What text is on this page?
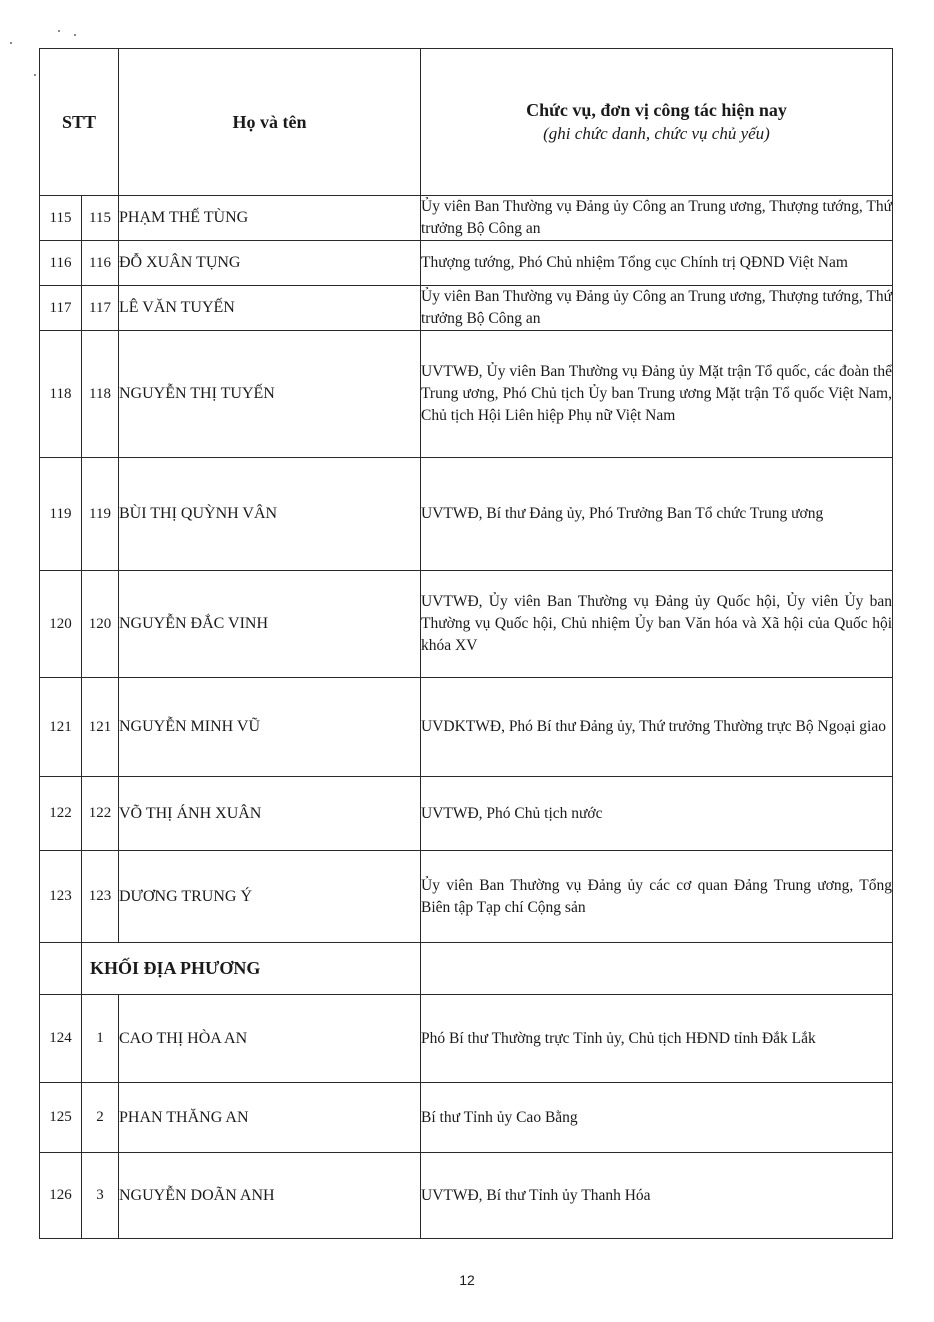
STT		Họ và tên	Chức vụ, đơn vị công tác hiện nay
(ghi chức danh, chức vụ chủ yếu)

115	115	PHẠM THẾ TÙNG	Ủy viên Ban Thường vụ Đảng ủy Công an Trung ương, Thượng tướng, Thứ trưởng Bộ Công an
116	116	ĐỖ XUÂN TỤNG	Thượng tướng, Phó Chủ nhiệm Tổng cục Chính trị QĐND Việt Nam
117	117	LÊ VĂN TUYẾN	Ủy viên Ban Thường vụ Đảng ủy Công an Trung ương, Thượng tướng, Thứ trưởng Bộ Công an
118	118	NGUYỄN THỊ TUYẾN	UVTWĐ, Ủy viên Ban Thường vụ Đảng ủy Mặt trận Tổ quốc, các đoàn thể Trung ương, Phó Chủ tịch Ủy ban Trung ương Mặt trận Tổ quốc Việt Nam, Chủ tịch Hội Liên hiệp Phụ nữ Việt Nam
119	119	BÙI THỊ QUỲNH VÂN	UVTWĐ, Bí thư Đảng ủy, Phó Trưởng Ban Tổ chức Trung ương
120	120	NGUYỄN ĐẮC VINH	UVTWĐ, Ủy viên Ban Thường vụ Đảng ủy Quốc hội, Ủy viên Ủy ban Thường vụ Quốc hội, Chủ nhiệm Ủy ban Văn hóa và Xã hội của Quốc hội khóa XV
121	121	NGUYỄN MINH VŨ	UVDKTWĐ, Phó Bí thư Đảng ủy, Thứ trưởng Thường trực Bộ Ngoại giao
122	122	VÕ THỊ ÁNH XUÂN	UVTWĐ, Phó Chủ tịch nước
123	123	DƯƠNG TRUNG Ý	Ủy viên Ban Thường vụ Đảng ủy các cơ quan Đảng Trung ương, Tổng Biên tập Tạp chí Cộng sản
	KHỐI ĐỊA PHƯƠNG		
124	1	CAO THỊ HÒA AN	Phó Bí thư Thường trực Tỉnh ủy, Chủ tịch HĐND tỉnh Đắk Lắk
125	2	PHAN THĂNG AN	Bí thư Tỉnh ủy Cao Bằng
126	3	NGUYỄN DOÃN ANH	UVTWĐ, Bí thư Tỉnh ủy Thanh Hóa
12
